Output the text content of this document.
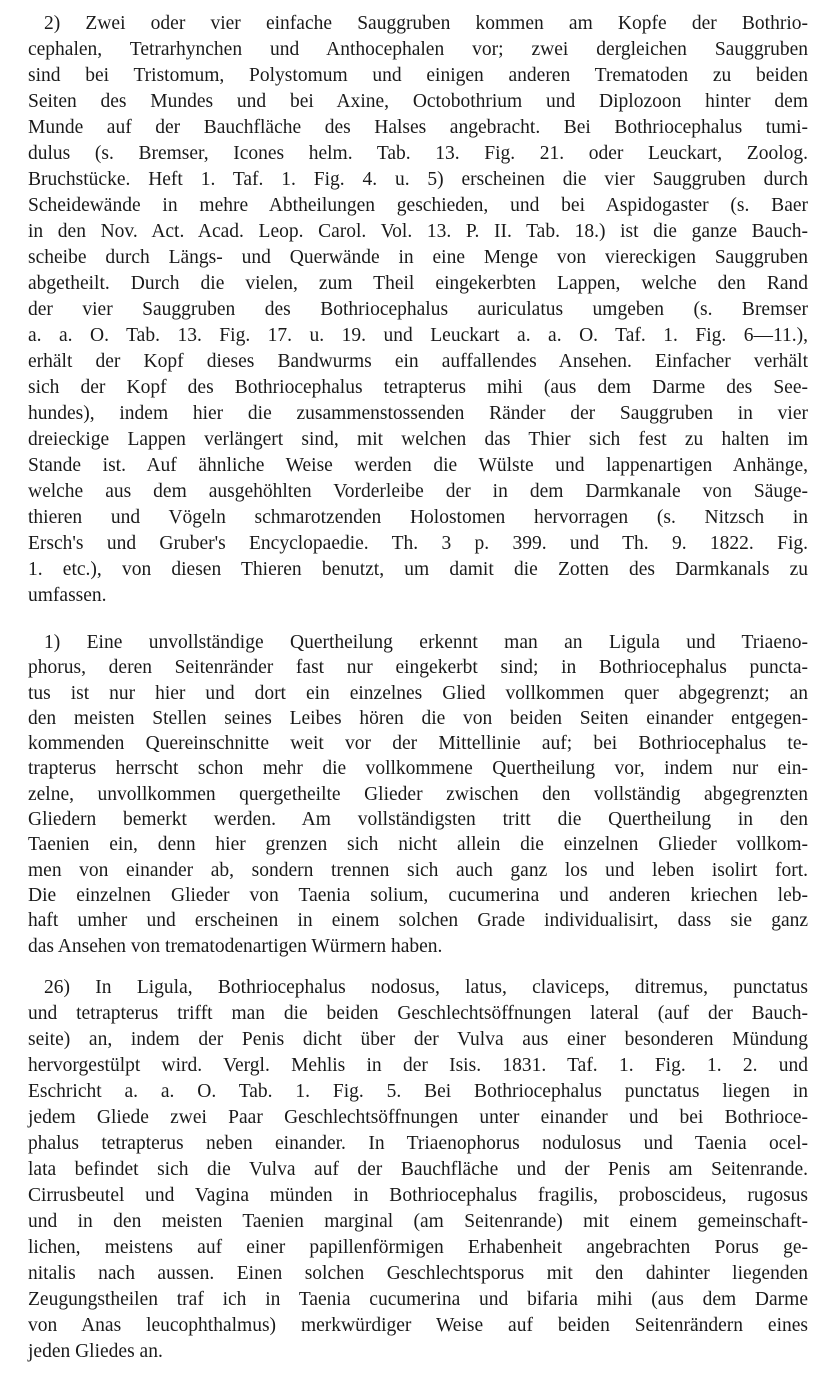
2) Zwei oder vier einfache Sauggruben kommen am Kopfe der Bothrio-
cephalen, Tetrarhynchen und Anthocephalen vor; zwei dergleichen Sauggruben
sind bei Tristomum, Polystomum und einigen anderen Trematoden zu beiden
Seiten des Mundes und bei Axine, Octobothrium und Diplozoon hinter dem
Munde auf der Bauchfläche des Halses angebracht. Bei Bothriocephalus tumi-
dulus (s. Bremser, Icones helm. Tab. 13. Fig. 21. oder Leuckart, Zoolog.
Bruchstücke. Heft 1. Taf. 1. Fig. 4. u. 5) erscheinen die vier Sauggruben durch
Scheidewände in mehre Abtheilungen geschieden, und bei Aspidogaster (s. Baer
in den Nov. Act. Acad. Leop. Carol. Vol. 13. P. II. Tab. 18.) ist die ganze Bauch-
scheibe durch Längs- und Querwände in eine Menge von viereckigen Sauggruben
abgetheilt. Durch die vielen, zum Theil eingekerbten Lappen, welche den Rand
der vier Sauggruben des Bothriocephalus auriculatus umgeben (s. Bremser
a. a. O. Tab. 13. Fig. 17. u. 19. und Leuckart a. a. O. Taf. 1. Fig. 6—11.),
erhält der Kopf dieses Bandwurms ein auffallendes Ansehen. Einfacher verhält
sich der Kopf des Bothriocephalus tetrapterus mihi (aus dem Darme des See-
hundes), indem hier die zusammenstossenden Ränder der Sauggruben in vier
dreieckige Lappen verlängert sind, mit welchen das Thier sich fest zu halten im
Stande ist. Auf ähnliche Weise werden die Wülste und lappenartigen Anhänge,
welche aus dem ausgehöhlten Vorderleibe der in dem Darmkanale von Säuge-
thieren und Vögeln schmarotzenden Holostomen hervorragen (s. Nitzsch in
Ersch's und Gruber's Encyclopaedie. Th. 3 p. 399. und Th. 9. 1822. Fig.
1. etc.), von diesen Thieren benutzt, um damit die Zotten des Darmkanals zu
umfassen.
1) Eine unvollständige Quertheilung erkennt man an Ligula und Triaeno-
phorus, deren Seitenränder fast nur eingekerbt sind; in Bothriocephalus puncta-
tus ist nur hier und dort ein einzelnes Glied vollkommen quer abgegrenzt; an
den meisten Stellen seines Leibes hören die von beiden Seiten einander entgegen-
kommenden Quereinschnitte weit vor der Mittellinie auf; bei Bothriocephalus te-
trapterus herrscht schon mehr die vollkommene Quertheilung vor, indem nur ein-
zelne, unvollkommen quergetheilte Glieder zwischen den vollständig abgegrenzten
Gliedern bemerkt werden. Am vollständigsten tritt die Quertheilung in den
Taenien ein, denn hier grenzen sich nicht allein die einzelnen Glieder vollkom-
men von einander ab, sondern trennen sich auch ganz los und leben isolirt fort.
Die einzelnen Glieder von Taenia solium, cucumerina und anderen kriechen leb-
haft umher und erscheinen in einem solchen Grade individualisirt, dass sie ganz
das Ansehen von trematodenartigen Würmern haben.
26) In Ligula, Bothriocephalus nodosus, latus, claviceps, ditremus, punctatus
und tetrapterus trifft man die beiden Geschlechtsöffnungen lateral (auf der Bauch-
seite) an, indem der Penis dicht über der Vulva aus einer besonderen Mündung
hervorgestülpt wird. Vergl. Mehlis in der Isis. 1831. Taf. 1. Fig. 1. 2. und
Eschricht a. a. O. Tab. 1. Fig. 5. Bei Bothriocephalus punctatus liegen in
jedem Gliede zwei Paar Geschlechtsöffnungen unter einander und bei Bothrioce-
phalus tetrapterus neben einander. In Triaenophorus nodulosus und Taenia ocel-
lata befindet sich die Vulva auf der Bauchfläche und der Penis am Seitenrande.
Cirrusbeutel und Vagina münden in Bothriocephalus fragilis, proboscideus, rugosus
und in den meisten Taenien marginal (am Seitenrande) mit einem gemeinschaft-
lichen, meistens auf einer papillenförmigen Erhabenheit angebrachten Porus ge-
nitalis nach aussen. Einen solchen Geschlechtsporus mit den dahinter liegenden
Zeugungstheilen traf ich in Taenia cucumerina und bifaria mihi (aus dem Darme
von Anas leucophthalmus) merkwürdiger Weise auf beiden Seitenrändern eines
jeden Gliedes an.
